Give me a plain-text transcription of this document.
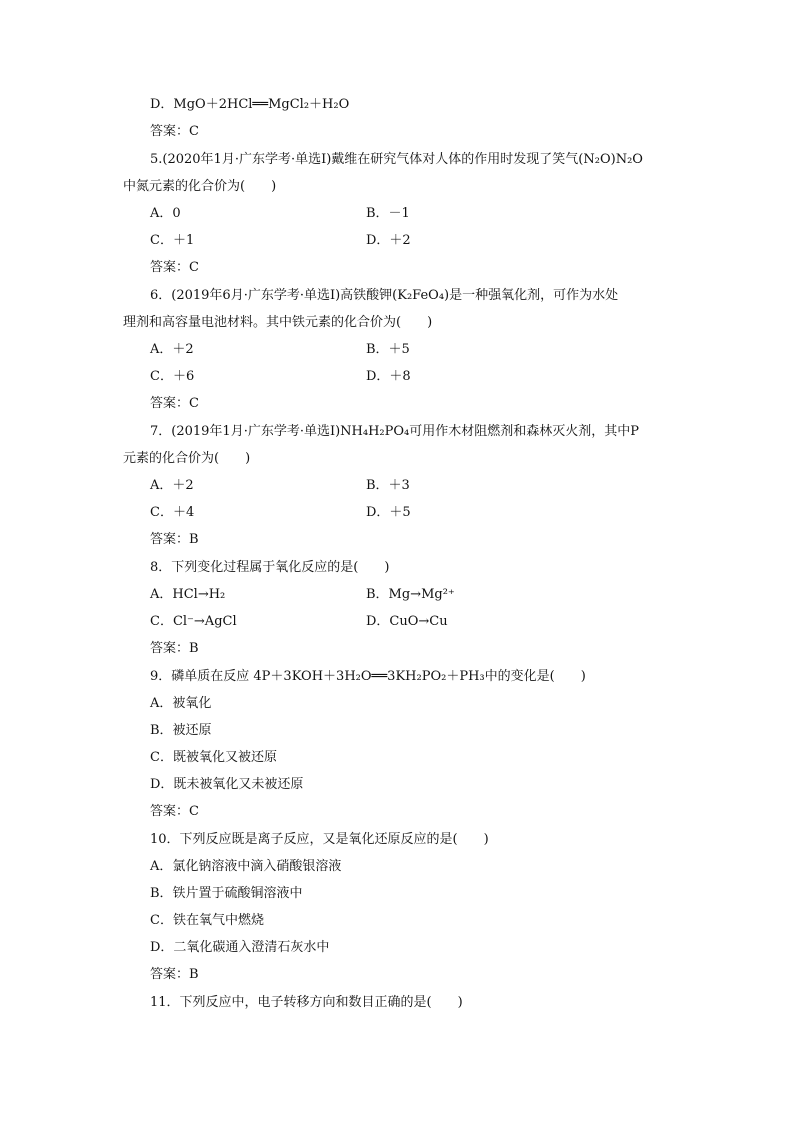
D．MgO＋2HCl══MgCl₂＋H₂O
答案：C
5.(2020年1月·广东学考·单选Ⅰ)戴维在研究气体对人体的作用时发现了笑气(N₂O)N₂O
中氮元素的化合价为(　　)
A．0	B．－1
C．＋1	D．＋2
答案：C
6．(2019年6月·广东学考·单选Ⅰ)高铁酸钾(K₂FeO₄)是一种强氧化剂，可作为水处
理剂和高容量电池材料。其中铁元素的化合价为(　　)
A．＋2	B．＋5
C．＋6	D．＋8
答案：C
7．(2019年1月·广东学考·单选Ⅰ)NH₄H₂PO₄可用作木材阻燃剂和森林灭火剂，其中P
元素的化合价为(　　)
A．＋2	B．＋3
C．＋4	D．＋5
答案：B
8．下列变化过程属于氧化反应的是(　　)
A．HCl→H₂	B．Mg→Mg²⁺
C．Cl⁻→AgCl	D．CuO→Cu
答案：B
9．磷单质在反应 4P＋3KOH＋3H₂O══3KH₂PO₂＋PH₃中的变化是(　　)
A．被氧化
B．被还原
C．既被氧化又被还原
D．既未被氧化又未被还原
答案：C
10．下列反应既是离子反应，又是氧化还原反应的是(　　)
A．氯化钠溶液中滴入硝酸银溶液
B．铁片置于硫酸铜溶液中
C．铁在氧气中燃烧
D．二氧化碳通入澄清石灰水中
答案：B
11．下列反应中，电子转移方向和数目正确的是(　　)
